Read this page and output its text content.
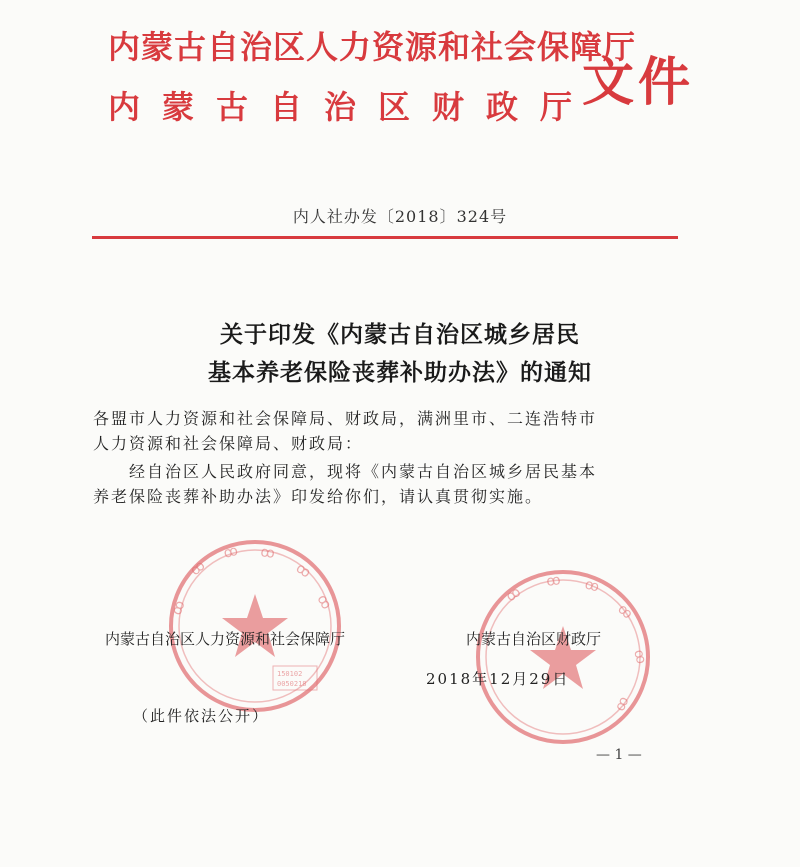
ꝏ
ꝏ ꝏ
ꝏ
ꝏ
ꝏ
150102
0050218
ꝏ
ꝏ ꝏ
ꝏ
ꝏ
ꝏ
内蒙古自治区人力资源和社会保障厅
内蒙古自治区财政厅
文件
内人社办发〔2018〕324号
关于印发《内蒙古自治区城乡居民
基本养老保险丧葬补助办法》的通知
各盟市人力资源和社会保障局、财政局，满洲里市、二连浩特市
人力资源和社会保障局、财政局：
经自治区人民政府同意，现将《内蒙古自治区城乡居民基本
养老保险丧葬补助办法》印发给你们，请认真贯彻实施。
内蒙古自治区人力资源和社会保障厅	内蒙古自治区财政厅
2018年12月29日
（此件依法公开）
— 1 —
